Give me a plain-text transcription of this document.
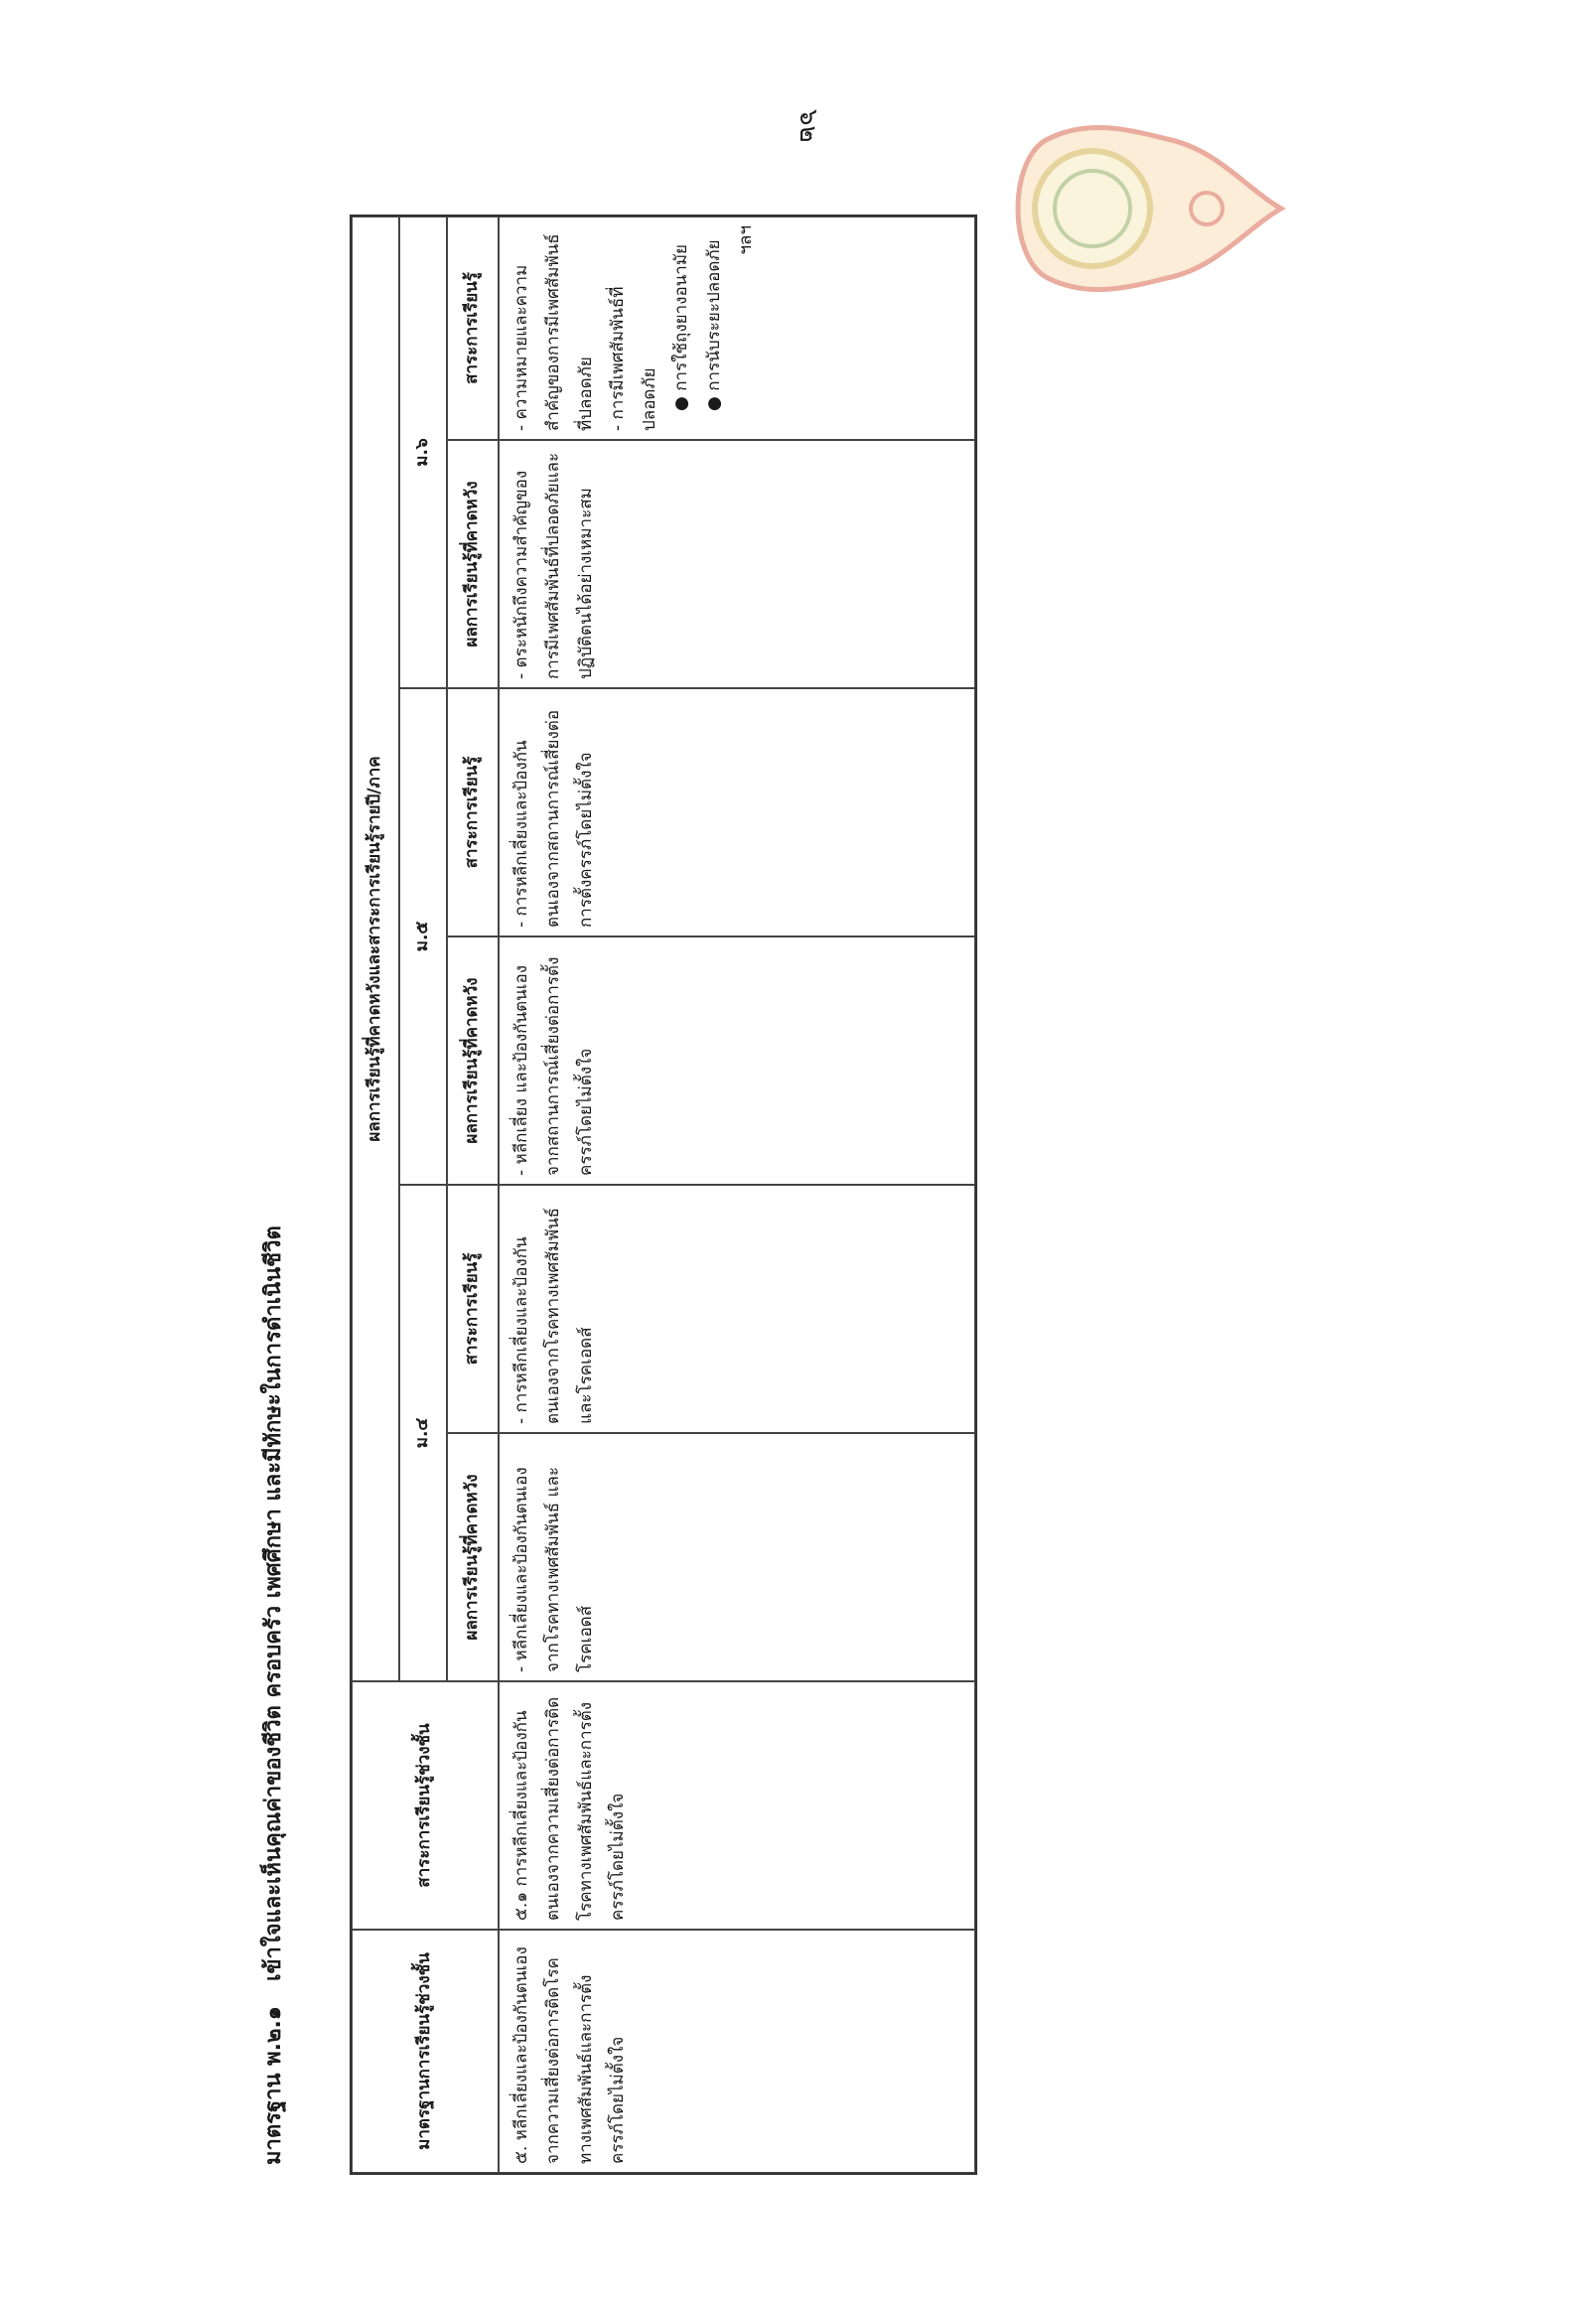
๖๒
มาตรฐาน พ.๒.๑
เข้าใจและเห็นคุณค่าของชีวิต ครอบครัว เพศศึกษา และมีทักษะในการดำเนินชีวิต
มาตรฐานการเรียนรู้ช่วงชั้น
สาระการเรียนรู้ช่วงชั้น
ผลการเรียนรู้ที่คาดหวังและสาระการเรียนรู้รายปี/ภาค
ม.๔
ม.๕
ม.๖
ผลการเรียนรู้ที่คาดหวัง
สาระการเรียนรู้
ผลการเรียนรู้ที่คาดหวัง
สาระการเรียนรู้
ผลการเรียนรู้ที่คาดหวัง
สาระการเรียนรู้
๕. หลีกเลี่ยงและป้องกันตนเองจากความเสี่ยงต่อการติดโรคทางเพศสัมพันธ์และการตั้งครรภ์โดยไม่ตั้งใจ
๕.๑ การหลีกเลี่ยงและป้องกันตนเองจากความเสี่ยงต่อการติดโรคทางเพศสัมพันธ์และการตั้งครรภ์โดยไม่ตั้งใจ
- หลีกเลี่ยงและป้องกันตนเองจากโรคทางเพศสัมพันธ์ และโรคเอดส์
- การหลีกเลี่ยงและป้องกันตนเองจากโรคทางเพศสัมพันธ์และโรคเอดส์
- หลีกเลี่ยง และป้องกันตนเองจากสถานการณ์เสี่ยงต่อการตั้งครรภ์โดยไม่ตั้งใจ
- การหลีกเลี่ยงและป้องกันตนเองจากสถานการณ์เสี่ยงต่อการตั้งครรภ์โดยไม่ตั้งใจ
- ตระหนักถึงความสำคัญของการมีเพศสัมพันธ์ที่ปลอดภัยและปฏิบัติตนได้อย่างเหมาะสม

- ความหมายและความสำคัญของการมีเพศสัมพันธ์ที่ปลอดภัย - การมีเพศสัมพันธ์ที่ปลอดภัย ● การใช้ถุงยางอนามัย ● การนับระยะปลอดภัย ฯลฯ
